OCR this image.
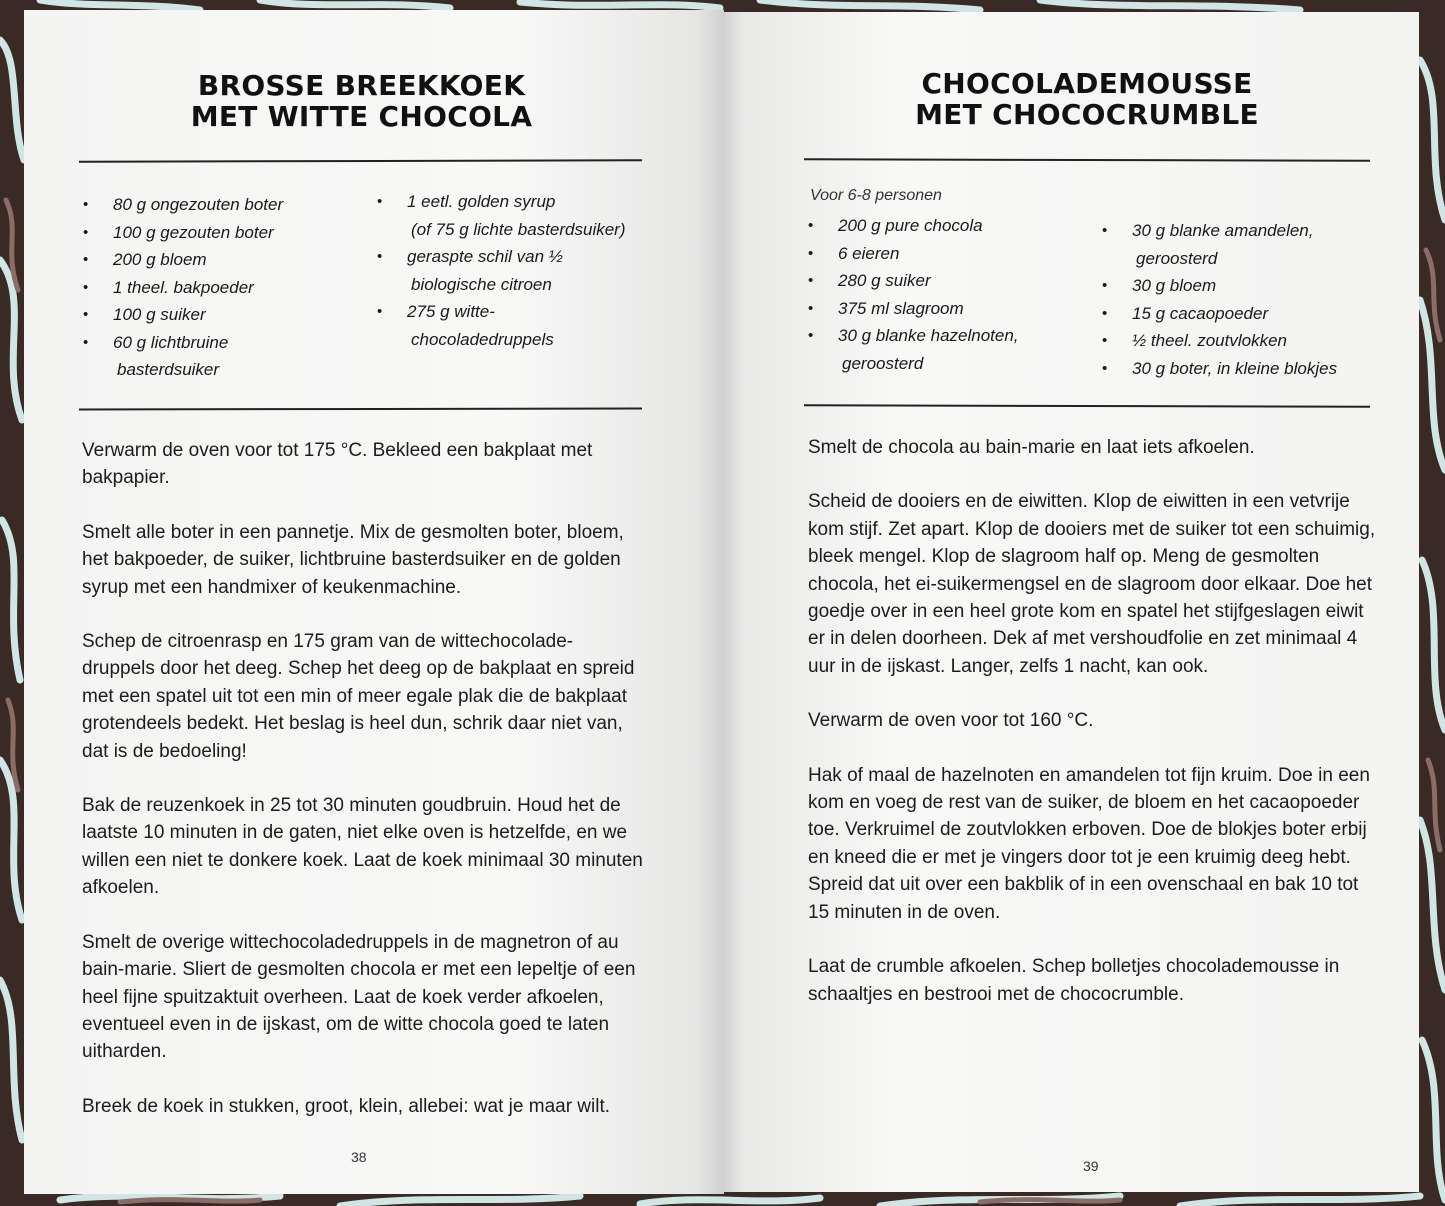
BROSSE BREEKKOEK
MET WITTE CHOCOLA
• 80 g ongezouten boter
• 100 g gezouten boter
• 200 g bloem
• 1 theel. bakpoeder
• 100 g suiker
• 60 g lichtbruine
basterdsuiker
• 1 eetl. golden syrup
(of 75 g lichte basterdsuiker)
• geraspte schil van ½
biologische citroen
• 275 g witte-
chocoladedruppels

Verwarm de oven voor tot 175 °C. Bekleed een bakplaat met bakpapier.

Smelt alle boter in een pannetje. Mix de gesmolten boter, bloem, het bakpoeder, de suiker, lichtbruine basterdsuiker en de golden syrup met een handmixer of keukenmachine.

Schep de citroenrasp en 175 gram van de wittechocolade-druppels door het deeg. Schep het deeg op de bakplaat en spreid met een spatel uit tot een min of meer egale plak die de bakplaat grotendeels bedekt. Het beslag is heel dun, schrik daar niet van, dat is de bedoeling!

Bak de reuzenkoek in 25 tot 30 minuten goudbruin. Houd het de laatste 10 minuten in de gaten, niet elke oven is hetzelfde, en we willen een niet te donkere koek. Laat de koek minimaal 30 minuten afkoelen.

Smelt de overige wittechocoladedruppels in de magnetron of au bain-marie. Sliert de gesmolten chocola er met een lepeltje of een heel fijne spuitzaktuit overheen. Laat de koek verder afkoelen, eventueel even in de ijskast, om de witte chocola goed te laten uitharden.

Breek de koek in stukken, groot, klein, allebei: wat je maar wilt.

38
CHOCOLADEMOUSSE
MET CHOCOCRUMBLE

Voor 6-8 personen

• 200 g pure chocola
• 6 eieren
• 280 g suiker
• 375 ml slagroom
• 30 g blanke hazelnoten,
geroosterd
• 30 g blanke amandelen,
geroosterd
• 30 g bloem
• 15 g cacaopoeder
• ½ theel. zoutvlokken
• 30 g boter, in kleine blokjes

Smelt de chocola au bain-marie en laat iets afkoelen.

Scheid de dooiers en de eiwitten. Klop de eiwitten in een vetvrije kom stijf. Zet apart. Klop de dooiers met de suiker tot een schuimig, bleek mengel. Klop de slagroom half op. Meng de gesmolten chocola, het ei-suikermengsel en de slagroom door elkaar. Doe het goedje over in een heel grote kom en spatel het stijfgeslagen eiwit er in delen doorheen. Dek af met vershoudfolie en zet minimaal 4 uur in de ijskast. Langer, zelfs 1 nacht, kan ook.

Verwarm de oven voor tot 160 °C.

Hak of maal de hazelnoten en amandelen tot fijn kruim. Doe in een kom en voeg de rest van de suiker, de bloem en het cacaopoeder toe. Verkruimel de zoutvlokken erboven. Doe de blokjes boter erbij en kneed die er met je vingers door tot je een kruimig deeg hebt. Spreid dat uit over een bakblik of in een ovenschaal en bak 10 tot 15 minuten in de oven.

Laat de crumble afkoelen. Schep bolletjes chocolademousse in schaaltjes en bestrooi met de chococrumble.

39
